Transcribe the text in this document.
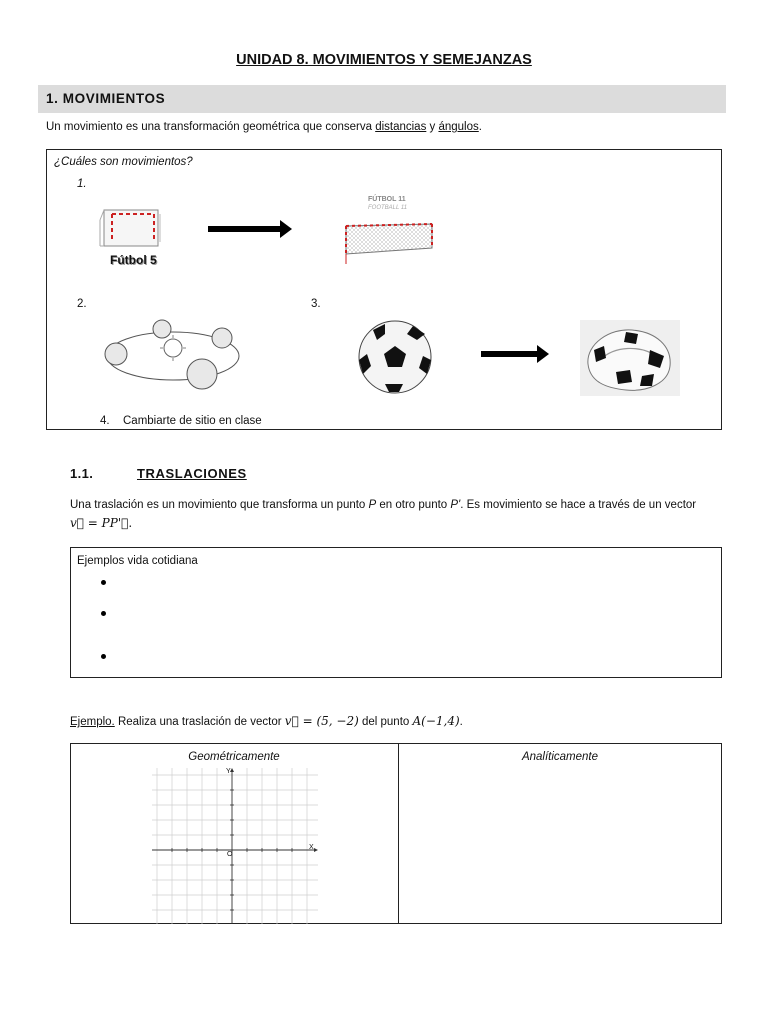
UNIDAD 8. MOVIMIENTOS Y SEMEJANZAS
1. MOVIMIENTOS
Un movimiento es una transformación geométrica que conserva distancias y ángulos.
¿Cuáles son movimientos?
1.
Fútbol 5
FÚTBOL 11
FOOTBALL 11
2.	3.
4. Cambiarte de sitio en clase
1.1.	TRASLACIONES
Una traslación es un movimiento que transforma un punto P en otro punto P'. Es movimiento se hace a través de un vector
v⃗ = PP'⃗.
Ejemplos vida cotidiana
Ejemplo. Realiza una traslación de vector v⃗ = (5, −2) del punto A(−1,4).
Geométricamente	Analíticamente
X
Y
O
